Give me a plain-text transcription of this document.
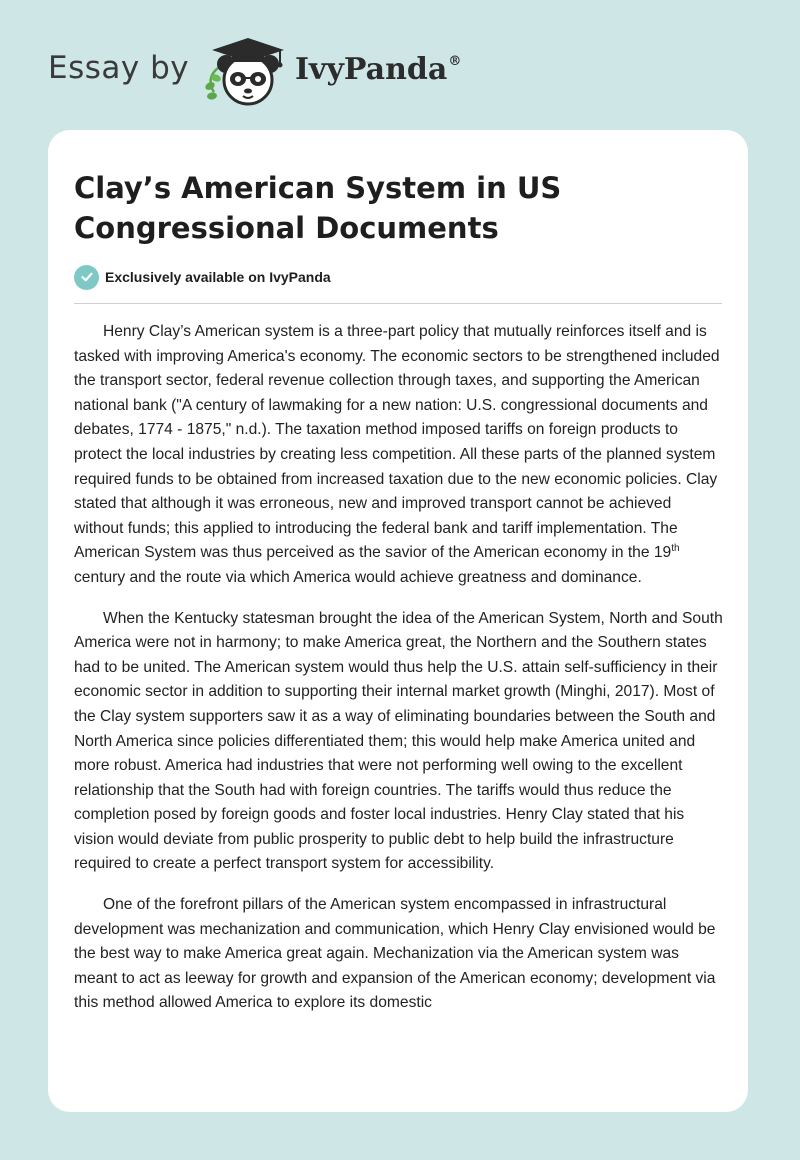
Essay by	IvyPanda®
Clay’s American System in US Congressional Documents
Exclusively available on IvyPanda

Henry Clay’s American system is a three-part policy that mutually reinforces itself and is tasked with improving America's economy. The economic sectors to be strengthened included the transport sector, federal revenue collection through taxes, and supporting the American national bank ("A century of lawmaking for a new nation: U.S. congressional documents and debates, 1774 - 1875," n.d.). The taxation method imposed tariffs on foreign products to protect the local industries by creating less competition. All these parts of the planned system required funds to be obtained from increased taxation due to the new economic policies. Clay stated that although it was erroneous, new and improved transport cannot be achieved without funds; this applied to introducing the federal bank and tariff implementation. The American System was thus perceived as the savior of the American economy in the 19th century and the route via which America would achieve greatness and dominance.

When the Kentucky statesman brought the idea of the American System, North and South America were not in harmony; to make America great, the Northern and the Southern states had to be united. The American system would thus help the U.S. attain self-sufficiency in their economic sector in addition to supporting their internal market growth (Minghi, 2017). Most of the Clay system supporters saw it as a way of eliminating boundaries between the South and North America since policies differentiated them; this would help make America united and more robust. America had industries that were not performing well owing to the excellent relationship that the South had with foreign countries. The tariffs would thus reduce the completion posed by foreign goods and foster local industries. Henry Clay stated that his vision would deviate from public prosperity to public debt to help build the infrastructure required to create a perfect transport system for accessibility.

One of the forefront pillars of the American system encompassed in infrastructural development was mechanization and communication, which Henry Clay envisioned would be the best way to make America great again. Mechanization via the American system was meant to act as leeway for growth and expansion of the American economy; development via this method allowed America to explore its domestic
